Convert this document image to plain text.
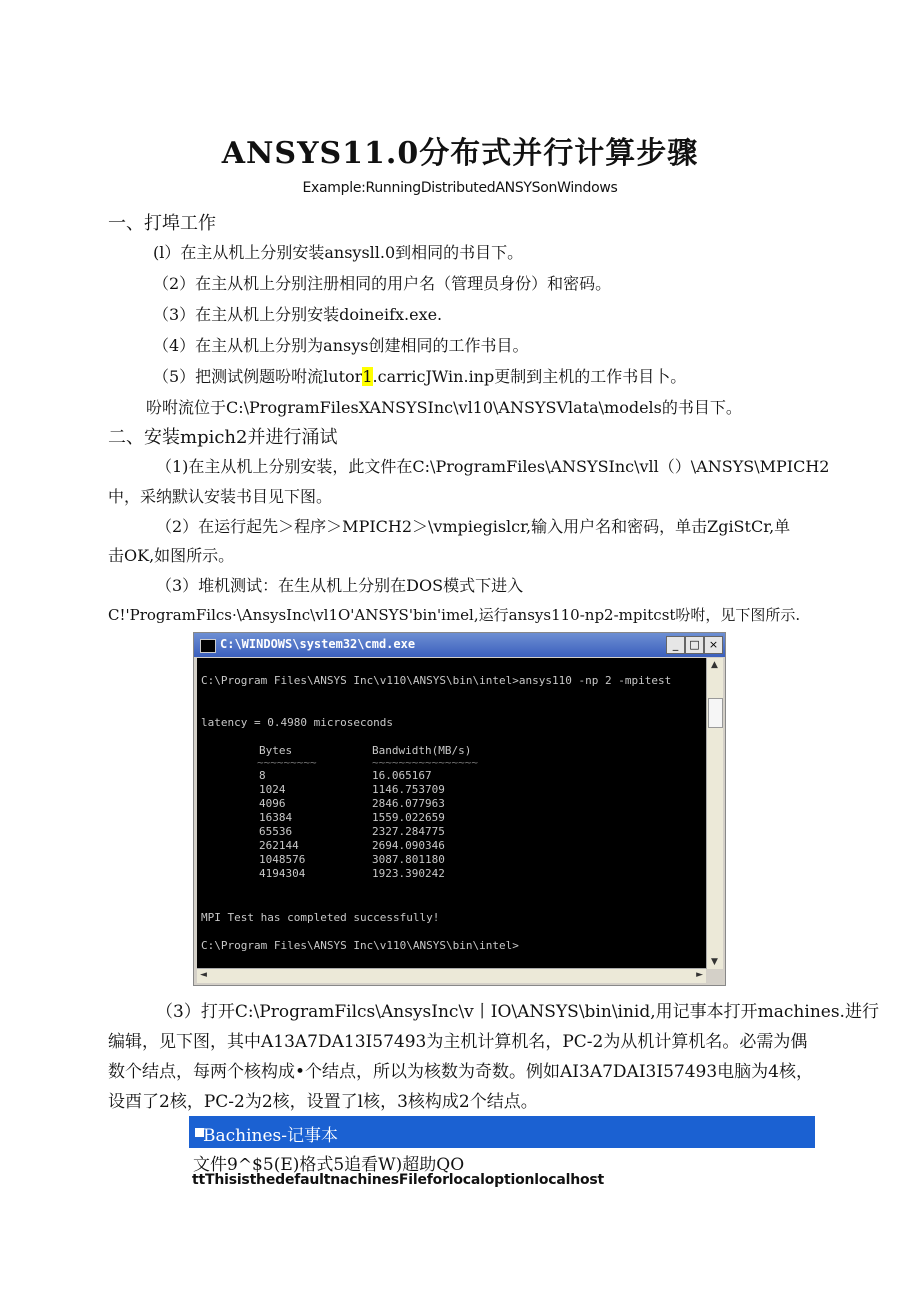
ANSYS11.0分布式并行计算步骤
Example:RunningDistributedANSYSonWindows
一、打埠工作
(l）在主从机上分别安装ansysll.0到相同的书目下。
（2）在主从机上分别注册相同的用户名（管理员身份）和密码。
（3）在主从机上分别安装doineifx.exe.
（4）在主从机上分别为ansys创建相同的工作书目。
（5）把测试例题吩咐流lutor1.carricJWin.inp更制到主机的工作书目卜。
吩咐流位于C:\ProgramFilesXANSYSInc\vl10\ANSYSVlata\models的书目下。
二、安装mpich2并进行涌试
（1)在主从机上分别安装，此文件在C:\ProgramFiles\ANSYSInc\vll（）\ANSYS\MPICH2
中，采纳默认安装书目见下图。
（2）在运行起先＞程序＞MPICH2＞\vmpiegislcr,输入用户名和密码，单击ZgiStCr,单
击OK,如图所示。
（3）堆机测试：在生从机上分别在DOS模式下进入
C!'ProgramFilcs·\AnsysInc\vl1O'ANSYS'bin'imel,运行ansys110-np2-mpitcst吩咐，见下图所示.
C:\WINDOWS\system32\cmd.exe	_	□ ×
C:\Program Files\ANSYS Inc\v110\ANSYS\bin\intel>ansys110 -np 2 -mpitest
latency = 0.4980 microseconds
Bytes	Bandwidth(MB/s)
~~~~~~~~~	~~~~~~~~~~~~~~~~
8	16.065167
1024	1146.753709
4096	2846.077963
16384	1559.022659
65536	2327.284775
262144	2694.090346
1048576	3087.801180
4194304	1923.390242
MPI Test has completed successfully!
C:\Program Files\ANSYS Inc\v110\ANSYS\bin\intel>
▲
▼
◄	►
（3）打开C:\ProgramFilcs\AnsysInc\v丨IO\ANSYS\bin\inid,用记事本打开machines.进行
编辑，见下图，其中A13A7DA13I57493为主机计算机名，PC-2为从机计算机名。必需为偶
数个结点，每两个核构成•个结点，所以为核数为奇数。例如AI3A7DAI3I57493电脑为4核，
设酉了2核，PC-2为2核，设置了l核，3核构成2个结点。
Bachines-记事本
文件9^$5(E)格式5追看W)超助QO
ttThisisthedefaultnachinesFileforlocaloptionlocalhost
